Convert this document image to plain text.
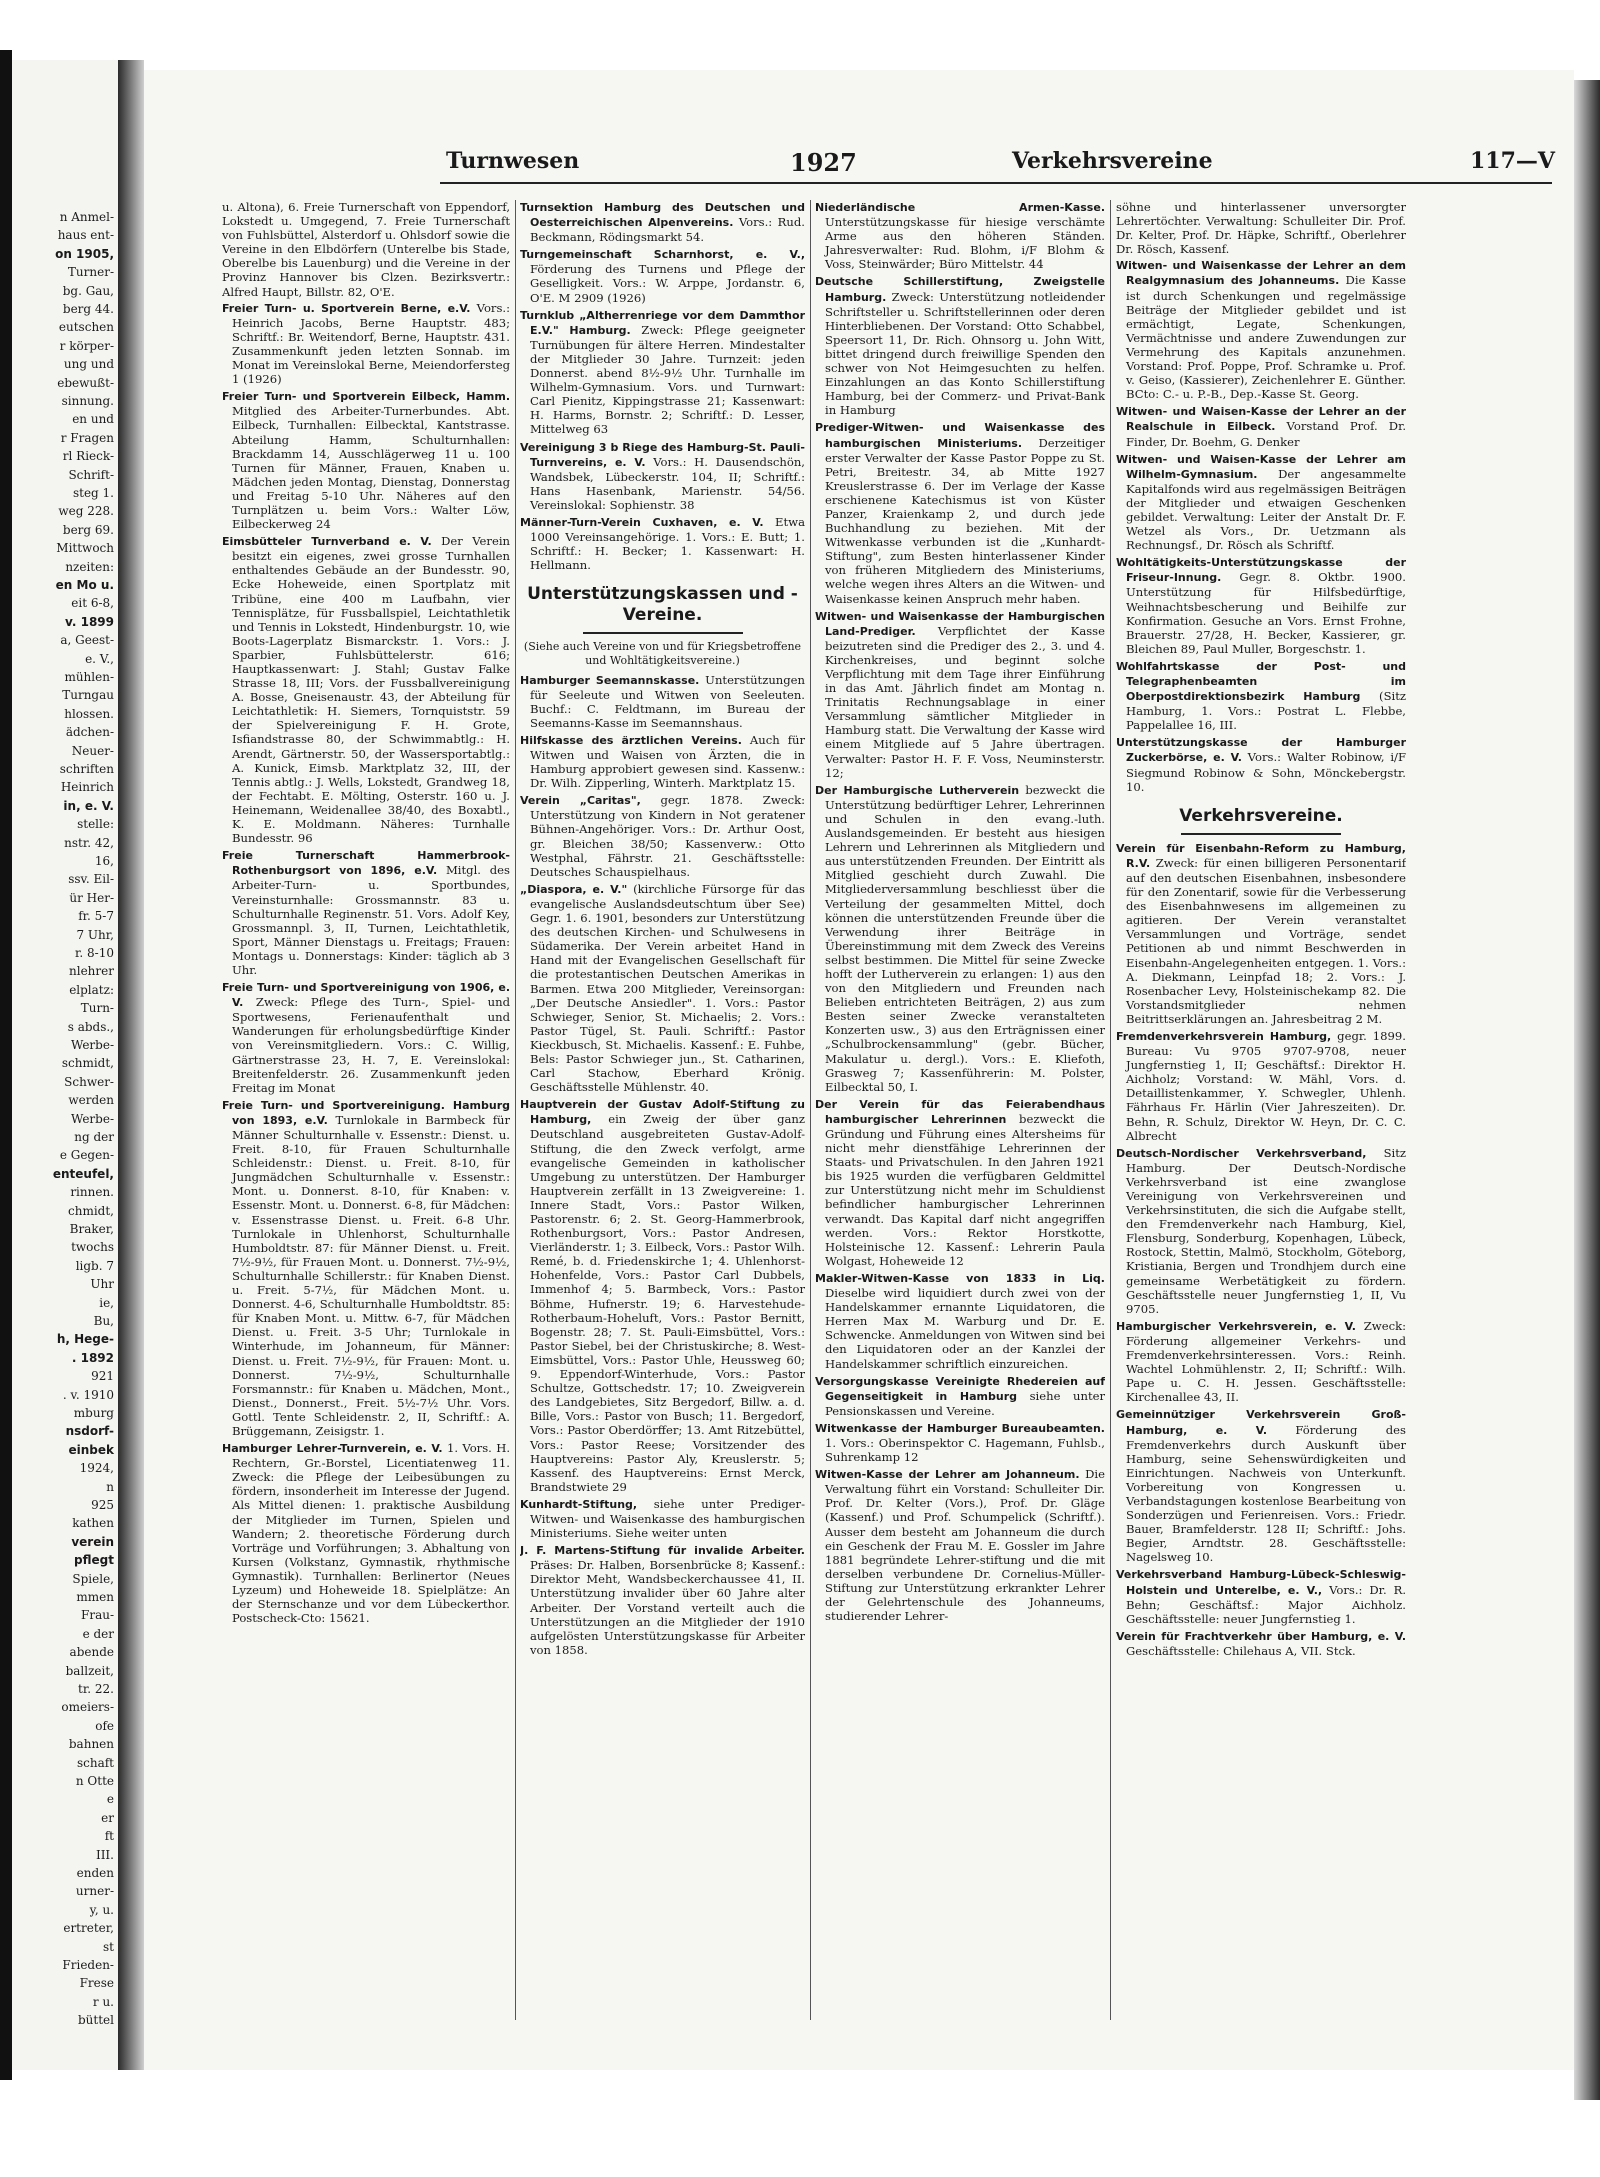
n Anmel-
haus ent-
on 1905,
Turner-
bg. Gau,
berg 44.
eutschen
r körper-
ung und
ebewußt-
sinnung.
en und
r Fragen
rl Rieck-
Schrift-
steg 1.
weg 228.
berg 69.
Mittwoch
nzeiten:
en Mo u.
eit 6-8,
v. 1899
a, Geest-
e. V.,
mühlen-
Turngau
hlossen.
ädchen-
Neuer-
schriften
Heinrich
in, e. V.
stelle:
nstr. 42,
16,
ssv. Eil-
ür Her-
fr. 5-7
7 Uhr,
r. 8-10
nlehrer
elplatz:
Turn-
s abds.,
Werbe-
schmidt,
Schwer-
werden
Werbe-
ng der
e Gegen-
enteufel,
rinnen.
chmidt,
Braker,
twochs
ligb. 7
Uhr
ie,
Bu,
h, Hege-
. 1892
921
. v. 1910
mburg
nsdorf-
einbek
1924,
n
925
kathen
verein
pflegt
Spiele,
mmen
Frau-
e der
abende
ballzeit,
tr. 22.
omeiers-
ofe
bahnen
schaft
n Otte
e
er
ft
III.
enden
urner-
y, u.
ertreter,
st
Frieden-
Frese
r u.
büttel
Turnwesen	1927	Verkehrsvereine	117—V

u. Altona), 6. Freie Turnerschaft von Eppendorf, Lokstedt u. Umgegend, 7. Freie Turnerschaft von Fuhlsbüttel, Alsterdorf u. Ohlsdorf sowie die Vereine in den Elbdörfern (Unterelbe bis Stade, Oberelbe bis Lauenburg) und die Vereine in der Provinz Hannover bis Clzen. Bezirksvertr.: Alfred Haupt, Billstr. 82, O'E.

Freier Turn- u. Sportverein Berne, e.V. Vors.: Heinrich Jacobs, Berne Hauptstr. 483; Schriftf.: Br. Weitendorf, Berne, Hauptstr. 431. Zusammenkunft jeden letzten Sonnab. im Monat im Vereinslokal Berne, Meiendorfersteg 1 (1926)

Freier Turn- und Sportverein Eilbeck, Hamm. Mitglied des Arbeiter-Turnerbundes. Abt. Eilbeck, Turnhallen: Eilbecktal, Kantstrasse. Abteilung Hamm, Schulturnhallen: Brackdamm 14, Ausschlägerweg 11 u. 100 Turnen für Männer, Frauen, Knaben u. Mädchen jeden Montag, Dienstag, Donnerstag und Freitag 5-10 Uhr. Näheres auf den Turnplätzen u. beim Vors.: Walter Löw, Eilbeckerweg 24

Eimsbütteler Turnverband e. V. Der Verein besitzt ein eigenes, zwei grosse Turnhallen enthaltendes Gebäude an der Bundesstr. 90, Ecke Hoheweide, einen Sportplatz mit Tribüne, eine 400 m Laufbahn, vier Tennisplätze, für Fussballspiel, Leichtathletik und Tennis in Lokstedt, Hindenburgstr. 10, wie Boots-Lagerplatz Bismarckstr. 1. Vors.: J. Sparbier, Fuhlsbüttelerstr. 616; Hauptkassenwart: J. Stahl; Gustav Falke Strasse 18, III; Vors. der Fussballvereinigung A. Bosse, Gneisenaustr. 43, der Abteilung für Leichtathletik: H. Siemers, Tornquiststr. 59 der Spielvereinigung F. H. Grote, Isfiandstrasse 80, der Schwimmabtlg.: H. Arendt, Gärtnerstr. 50, der Wassersportabtlg.: A. Kunick, Eimsb. Marktplatz 32, III, der Tennis abtlg.: J. Wells, Lokstedt, Grandweg 18, der Fechtabt. E. Mölting, Osterstr. 160 u. J. Heinemann, Weidenallee 38/40, des Boxabtl., K. E. Moldmann. Näheres: Turnhalle Bundesstr. 96

Freie Turnerschaft Hammerbrook-Rothenburgsort von 1896, e.V. Mitgl. des Arbeiter-Turn- u. Sportbundes, Vereinsturnhalle: Grossmannstr. 83 u. Schulturnhalle Reginenstr. 51. Vors. Adolf Key, Grossmannpl. 3, II, Turnen, Leichtathletik, Sport, Männer Dienstags u. Freitags; Frauen: Montags u. Donnerstags: Kinder: täglich ab 3 Uhr.

Freie Turn- und Sportvereinigung von 1906, e. V. Zweck: Pflege des Turn-, Spiel- und Sportwesens, Ferienaufenthalt und Wanderungen für erholungsbedürftige Kinder von Vereinsmitgliedern. Vors.: C. Willig, Gärtnerstrasse 23, H. 7, E. Vereinslokal: Breitenfelderstr. 26. Zusammenkunft jeden Freitag im Monat

Freie Turn- und Sportvereinigung. Hamburg von 1893, e.V. Turnlokale in Barmbeck für Männer Schulturnhalle v. Essenstr.: Dienst. u. Freit. 8-10, für Frauen Schulturnhalle Schleidenstr.: Dienst. u. Freit. 8-10, für Jungmädchen Schulturnhalle v. Essenstr.: Mont. u. Donnerst. 8-10, für Knaben: v. Essenstr. Mont. u. Donnerst. 6-8, für Mädchen: v. Essenstrasse Dienst. u. Freit. 6-8 Uhr. Turnlokale in Uhlenhorst, Schulturnhalle Humboldtstr. 87: für Männer Dienst. u. Freit. 7½-9½, für Frauen Mont. u. Donnerst. 7½-9½, Schulturnhalle Schillerstr.: für Knaben Dienst. u. Freit. 5-7½, für Mädchen Mont. u. Donnerst. 4-6, Schulturnhalle Humboldtstr. 85: für Knaben Mont. u. Mittw. 6-7, für Mädchen Dienst. u. Freit. 3-5 Uhr; Turnlokale in Winterhude, im Johanneum, für Männer: Dienst. u. Freit. 7½-9½, für Frauen: Mont. u. Donnerst. 7½-9½, Schulturnhalle Forsmannstr.: für Knaben u. Mädchen, Mont., Dienst., Donnerst., Freit. 5½-7½ Uhr. Vors. Gottl. Tente Schleidenstr. 2, II, Schriftf.: A. Brüggemann, Zeisigstr. 1.

Hamburger Lehrer-Turnverein, e. V. 1. Vors. H. Rechtern, Gr.-Borstel, Licentiatenweg 11. Zweck: die Pflege der Leibesübungen zu fördern, insonderheit im Interesse der Jugend. Als Mittel dienen: 1. praktische Ausbildung der Mitglieder im Turnen, Spielen und Wandern; 2. theoretische Förderung durch Vorträge und Vorführungen; 3. Abhaltung von Kursen (Volkstanz, Gymnastik, rhythmische Gymnastik). Turnhallen: Berlinertor (Neues Lyzeum) und Hoheweide 18. Spielplätze: An der Sternschanze und vor dem Lübeckerthor. Postscheck-Cto: 15621.

Turnsektion Hamburg des Deutschen und Oesterreichischen Alpenvereins. Vors.: Rud. Beckmann, Rödingsmarkt 54.

Turngemeinschaft Scharnhorst, e. V., Förderung des Turnens und Pflege der Geselligkeit. Vors.: W. Arppe, Jordanstr. 6, O'E. M 2909 (1926)

Turnklub „Altherrenriege vor dem Dammthor E.V." Hamburg. Zweck: Pflege geeigneter Turnübungen für ältere Herren. Mindestalter der Mitglieder 30 Jahre. Turnzeit: jeden Donnerst. abend 8½-9½ Uhr. Turnhalle im Wilhelm-Gymnasium. Vors. und Turnwart: Carl Pienitz, Kippingstrasse 21; Kassenwart: H. Harms, Bornstr. 2; Schriftf.: D. Lesser, Mittelweg 63

Vereinigung 3 b Riege des Hamburg-St. Pauli-Turnvereins, e. V. Vors.: H. Dausendschön, Wandsbek, Lübeckerstr. 104, II; Schriftf.: Hans Hasenbank, Marienstr. 54/56. Vereinslokal: Sophienstr. 38

Männer-Turn-Verein Cuxhaven, e. V. Etwa 1000 Vereinsangehörige. 1. Vors.: E. Butt; 1. Schriftf.: H. Becker; 1. Kassenwart: H. Hellmann.

Unterstützungskassen und -Vereine.
(Siehe auch Vereine von und für Kriegsbetroffene und Wohltätigkeitsvereine.)

Hamburger Seemannskasse. Unterstützungen für Seeleute und Witwen von Seeleuten. Buchf.: C. Feldtmann, im Bureau der Seemanns-Kasse im Seemannshaus.

Hilfskasse des ärztlichen Vereins. Auch für Witwen und Waisen von Ärzten, die in Hamburg approbiert gewesen sind. Kassenw.: Dr. Wilh. Zipperling, Winterh. Marktplatz 15.

Verein „Caritas", gegr. 1878. Zweck: Unterstützung von Kindern in Not geratener Bühnen-Angehöriger. Vors.: Dr. Arthur Oost, gr. Bleichen 38/50; Kassenverw.: Otto Westphal, Fährstr. 21. Geschäftsstelle: Deutsches Schauspielhaus.

„Diaspora, e. V." (kirchliche Fürsorge für das evangelische Auslandsdeutschtum über See) Gegr. 1. 6. 1901, besonders zur Unterstützung des deutschen Kirchen- und Schulwesens in Südamerika. Der Verein arbeitet Hand in Hand mit der Evangelischen Gesellschaft für die protestantischen Deutschen Amerikas in Barmen. Etwa 200 Mitglieder, Vereinsorgan: „Der Deutsche Ansiedler". 1. Vors.: Pastor Schwieger, Senior, St. Michaelis; 2. Vors.: Pastor Tügel, St. Pauli. Schriftf.: Pastor Kieckbusch, St. Michaelis. Kassenf.: E. Fuhbe, Bels: Pastor Schwieger jun., St. Catharinen, Carl Stachow, Eberhard Krönig. Geschäftsstelle Mühlenstr. 40.

Hauptverein der Gustav Adolf-Stiftung zu Hamburg, ein Zweig der über ganz Deutschland ausgebreiteten Gustav-Adolf-Stiftung, die den Zweck verfolgt, arme evangelische Gemeinden in katholischer Umgebung zu unterstützen. Der Hamburger Hauptverein zerfällt in 13 Zweigvereine: 1. Innere Stadt, Vors.: Pastor Wilken, Pastorenstr. 6; 2. St. Georg-Hammerbrook, Rothenburgsort, Vors.: Pastor Andresen, Vierländerstr. 1; 3. Eilbeck, Vors.: Pastor Wilh. Remé, b. d. Friedenskirche 1; 4. Uhlenhorst-Hohenfelde, Vors.: Pastor Carl Dubbels, Immenhof 4; 5. Barmbeck, Vors.: Pastor Böhme, Hufnerstr. 19; 6. Harvestehude-Rotherbaum-Hoheluft, Vors.: Pastor Bernitt, Bogenstr. 28; 7. St. Pauli-Eimsbüttel, Vors.: Pastor Siebel, bei der Christuskirche; 8. West-Eimsbüttel, Vors.: Pastor Uhle, Heussweg 60; 9. Eppendorf-Winterhude, Vors.: Pastor Schultze, Gottschedstr. 17; 10. Zweigverein des Landgebietes, Sitz Bergedorf, Billw. a. d. Bille, Vors.: Pastor von Busch; 11. Bergedorf, Vors.: Pastor Oberdörffer; 13. Amt Ritzebüttel, Vors.: Pastor Reese; Vorsitzender des Hauptvereins: Pastor Aly, Kreuslerstr. 5; Kassenf. des Hauptvereins: Ernst Merck, Brandstwiete 29

Kunhardt-Stiftung, siehe unter Prediger-Witwen- und Waisenkasse des hamburgischen Ministeriums. Siehe weiter unten

J. F. Martens-Stiftung für invalide Arbeiter. Präses: Dr. Halben, Borsenbrücke 8; Kassenf.: Direktor Meht, Wandsbeckerchaussee 41, II. Unterstützung invalider über 60 Jahre alter Arbeiter. Der Vorstand verteilt auch die Unterstützungen an die Mitglieder der 1910 aufgelösten Unterstützungskasse für Arbeiter von 1858.

Niederländische Armen-Kasse. Unterstützungskasse für hiesige verschämte Arme aus den höheren Ständen. Jahresverwalter: Rud. Blohm, i/F Blohm & Voss, Steinwärder; Büro Mittelstr. 44

Deutsche Schillerstiftung, Zweigstelle Hamburg. Zweck: Unterstützung notleidender Schriftsteller u. Schriftstellerinnen oder deren Hinterbliebenen. Der Vorstand: Otto Schabbel, Speersort 11, Dr. Rich. Ohnsorg u. John Witt, bittet dringend durch freiwillige Spenden den schwer von Not Heimgesuchten zu helfen. Einzahlungen an das Konto Schillerstiftung Hamburg, bei der Commerz- und Privat-Bank in Hamburg

Prediger-Witwen- und Waisenkasse des hamburgischen Ministeriums. Derzeitiger erster Verwalter der Kasse Pastor Poppe zu St. Petri, Breitestr. 34, ab Mitte 1927 Kreuslerstrasse 6. Der im Verlage der Kasse erschienene Katechismus ist von Küster Panzer, Kraienkamp 2, und durch jede Buchhandlung zu beziehen. Mit der Witwenkasse verbunden ist die „Kunhardt-Stiftung", zum Besten hinterlassener Kinder von früheren Mitgliedern des Ministeriums, welche wegen ihres Alters an die Witwen- und Waisenkasse keinen Anspruch mehr haben.

Witwen- und Waisenkasse der Hamburgischen Land-Prediger. Verpflichtet der Kasse beizutreten sind die Prediger des 2., 3. und 4. Kirchenkreises, und beginnt solche Verpflichtung mit dem Tage ihrer Einführung in das Amt. Jährlich findet am Montag n. Trinitatis Rechnungsablage in einer Versammlung sämtlicher Mitglieder in Hamburg statt. Die Verwaltung der Kasse wird einem Mitgliede auf 5 Jahre übertragen. Verwalter: Pastor H. F. F. Voss, Neuminsterstr. 12;

Der Hamburgische Lutherverein bezweckt die Unterstützung bedürftiger Lehrer, Lehrerinnen und Schulen in den evang.-luth. Auslandsgemeinden. Er besteht aus hiesigen Lehrern und Lehrerinnen als Mitgliedern und aus unterstützenden Freunden. Der Eintritt als Mitglied geschieht durch Zuwahl. Die Mitgliederversammlung beschliesst über die Verteilung der gesammelten Mittel, doch können die unterstützenden Freunde über die Verwendung ihrer Beiträge in Übereinstimmung mit dem Zweck des Vereins selbst bestimmen. Die Mittel für seine Zwecke hofft der Lutherverein zu erlangen: 1) aus den von den Mitgliedern und Freunden nach Belieben entrichteten Beiträgen, 2) aus zum Besten seiner Zwecke veranstalteten Konzerten usw., 3) aus den Erträgnissen einer „Schulbrockensammlung" (gebr. Bücher, Makulatur u. dergl.). Vors.: E. Kliefoth, Grasweg 7; Kassenführerin: M. Polster, Eilbecktal 50, I.

Der Verein für das Feierabendhaus hamburgischer Lehrerinnen bezweckt die Gründung und Führung eines Altersheims für nicht mehr dienstfähige Lehrerinnen der Staats- und Privatschulen. In den Jahren 1921 bis 1925 wurden die verfügbaren Geldmittel zur Unterstützung nicht mehr im Schuldienst befindlicher hamburgischer Lehrerinnen verwandt. Das Kapital darf nicht angegriffen werden. Vors.: Rektor Horstkotte, Holsteinische 12. Kassenf.: Lehrerin Paula Wolgast, Hoheweide 12

Makler-Witwen-Kasse von 1833 in Liq. Dieselbe wird liquidiert durch zwei von der Handelskammer ernannte Liquidatoren, die Herren Max M. Warburg und Dr. E. Schwencke. Anmeldungen von Witwen sind bei den Liquidatoren oder an der Kanzlei der Handelskammer schriftlich einzureichen.

Versorgungskasse Vereinigte Rhedereien auf Gegenseitigkeit in Hamburg siehe unter Pensionskassen und Vereine.

Witwenkasse der Hamburger Bureaubeamten. 1. Vors.: Oberinspektor C. Hagemann, Fuhlsb., Suhrenkamp 12

Witwen-Kasse der Lehrer am Johanneum. Die Verwaltung führt ein Vorstand: Schulleiter Dir. Prof. Dr. Kelter (Vors.), Prof. Dr. Gläge (Kassenf.) und Prof. Schumpelick (Schriftf.). Ausser dem besteht am Johanneum die durch ein Geschenk der Frau M. E. Gossler im Jahre 1881 begründete Lehrer-stiftung und die mit derselben verbundene Dr. Cornelius-Müller-Stiftung zur Unterstützung erkrankter Lehrer der Gelehrtenschule des Johanneums, studierender Lehrer-

söhne und hinterlassener unversorgter Lehrertöchter. Verwaltung: Schulleiter Dir. Prof. Dr. Kelter, Prof. Dr. Häpke, Schriftf., Oberlehrer Dr. Rösch, Kassenf.

Witwen- und Waisenkasse der Lehrer an dem Realgymnasium des Johanneums. Die Kasse ist durch Schenkungen und regelmässige Beiträge der Mitglieder gebildet und ist ermächtigt, Legate, Schenkungen, Vermächtnisse und andere Zuwendungen zur Vermehrung des Kapitals anzunehmen. Vorstand: Prof. Poppe, Prof. Schramke u. Prof. v. Geiso, (Kassierer), Zeichenlehrer E. Günther. BCto: C.- u. P.-B., Dep.-Kasse St. Georg.

Witwen- und Waisen-Kasse der Lehrer an der Realschule in Eilbeck. Vorstand Prof. Dr. Finder, Dr. Boehm, G. Denker

Witwen- und Waisen-Kasse der Lehrer am Wilhelm-Gymnasium. Der angesammelte Kapitalfonds wird aus regelmässigen Beiträgen der Mitglieder und etwaigen Geschenken gebildet. Verwaltung: Leiter der Anstalt Dr. F. Wetzel als Vors., Dr. Uetzmann als Rechnungsf., Dr. Rösch als Schriftf.

Wohltätigkeits-Unterstützungskasse der Friseur-Innung. Gegr. 8. Oktbr. 1900. Unterstützung für Hilfsbedürftige, Weihnachtsbescherung und Beihilfe zur Konfirmation. Gesuche an Vors. Ernst Frohne, Brauerstr. 27/28, H. Becker, Kassierer, gr. Bleichen 89, Paul Muller, Borgeschstr. 1.

Wohlfahrtskasse der Post- und Telegraphenbeamten im Oberpostdirektionsbezirk Hamburg (Sitz Hamburg, 1. Vors.: Postrat L. Flebbe, Pappelallee 16, III.

Unterstützungskasse der Hamburger Zuckerbörse, e. V. Vors.: Walter Robinow, i/F Siegmund Robinow & Sohn, Mönckebergstr. 10.

Verkehrsvereine.

Verein für Eisenbahn-Reform zu Hamburg, R.V. Zweck: für einen billigeren Personentarif auf den deutschen Eisenbahnen, insbesondere für den Zonentarif, sowie für die Verbesserung des Eisenbahnwesens im allgemeinen zu agitieren. Der Verein veranstaltet Versammlungen und Vorträge, sendet Petitionen ab und nimmt Beschwerden in Eisenbahn-Angelegenheiten entgegen. 1. Vors.: A. Diekmann, Leinpfad 18; 2. Vors.: J. Rosenbacher Levy, Holsteinischekamp 82. Die Vorstandsmitglieder nehmen Beitrittserklärungen an. Jahresbeitrag 2 M.

Fremdenverkehrsverein Hamburg, gegr. 1899. Bureau: Vu 9705 9707-9708, neuer Jungfernstieg 1, II; Geschäftsf.: Direktor H. Aichholz; Vorstand: W. Mähl, Vors. d. Detaillistenkammer, Y. Schwegler, Uhlenh. Fährhaus Fr. Härlin (Vier Jahreszeiten). Dr. Behn, R. Schulz, Direktor W. Heyn, Dr. C. C. Albrecht

Deutsch-Nordischer Verkehrsverband, Sitz Hamburg. Der Deutsch-Nordische Verkehrsverband ist eine zwanglose Vereinigung von Verkehrsvereinen und Verkehrsinstituten, die sich die Aufgabe stellt, den Fremdenverkehr nach Hamburg, Kiel, Flensburg, Sonderburg, Kopenhagen, Lübeck, Rostock, Stettin, Malmö, Stockholm, Göteborg, Kristiania, Bergen und Trondhjem durch eine gemeinsame Werbetätigkeit zu fördern. Geschäftsstelle neuer Jungfernstieg 1, II, Vu 9705.

Hamburgischer Verkehrsverein, e. V. Zweck: Förderung allgemeiner Verkehrs- und Fremdenverkehrsinteressen. Vors.: Reinh. Wachtel Lohmühlenstr. 2, II; Schriftf.: Wilh. Pape u. C. H. Jessen. Geschäftsstelle: Kirchenallee 43, II.

Gemeinnütziger Verkehrsverein Groß-Hamburg, e. V. Förderung des Fremdenverkehrs durch Auskunft über Hamburg, seine Sehenswürdigkeiten und Einrichtungen. Nachweis von Unterkunft. Vorbereitung von Kongressen u. Verbandstagungen kostenlose Bearbeitung von Sonderzügen und Ferienreisen. Vors.: Friedr. Bauer, Bramfelderstr. 128 II; Schriftf.: Johs. Begier, Arndtstr. 28. Geschäftsstelle: Nagelsweg 10.

Verkehrsverband Hamburg-Lübeck-Schleswig-Holstein und Unterelbe, e. V., Vors.: Dr. R. Behn; Geschäftsf.: Major Aichholz. Geschäftsstelle: neuer Jungfernstieg 1.

Verein für Frachtverkehr über Hamburg, e. V. Geschäftsstelle: Chilehaus A, VII. Stck.
